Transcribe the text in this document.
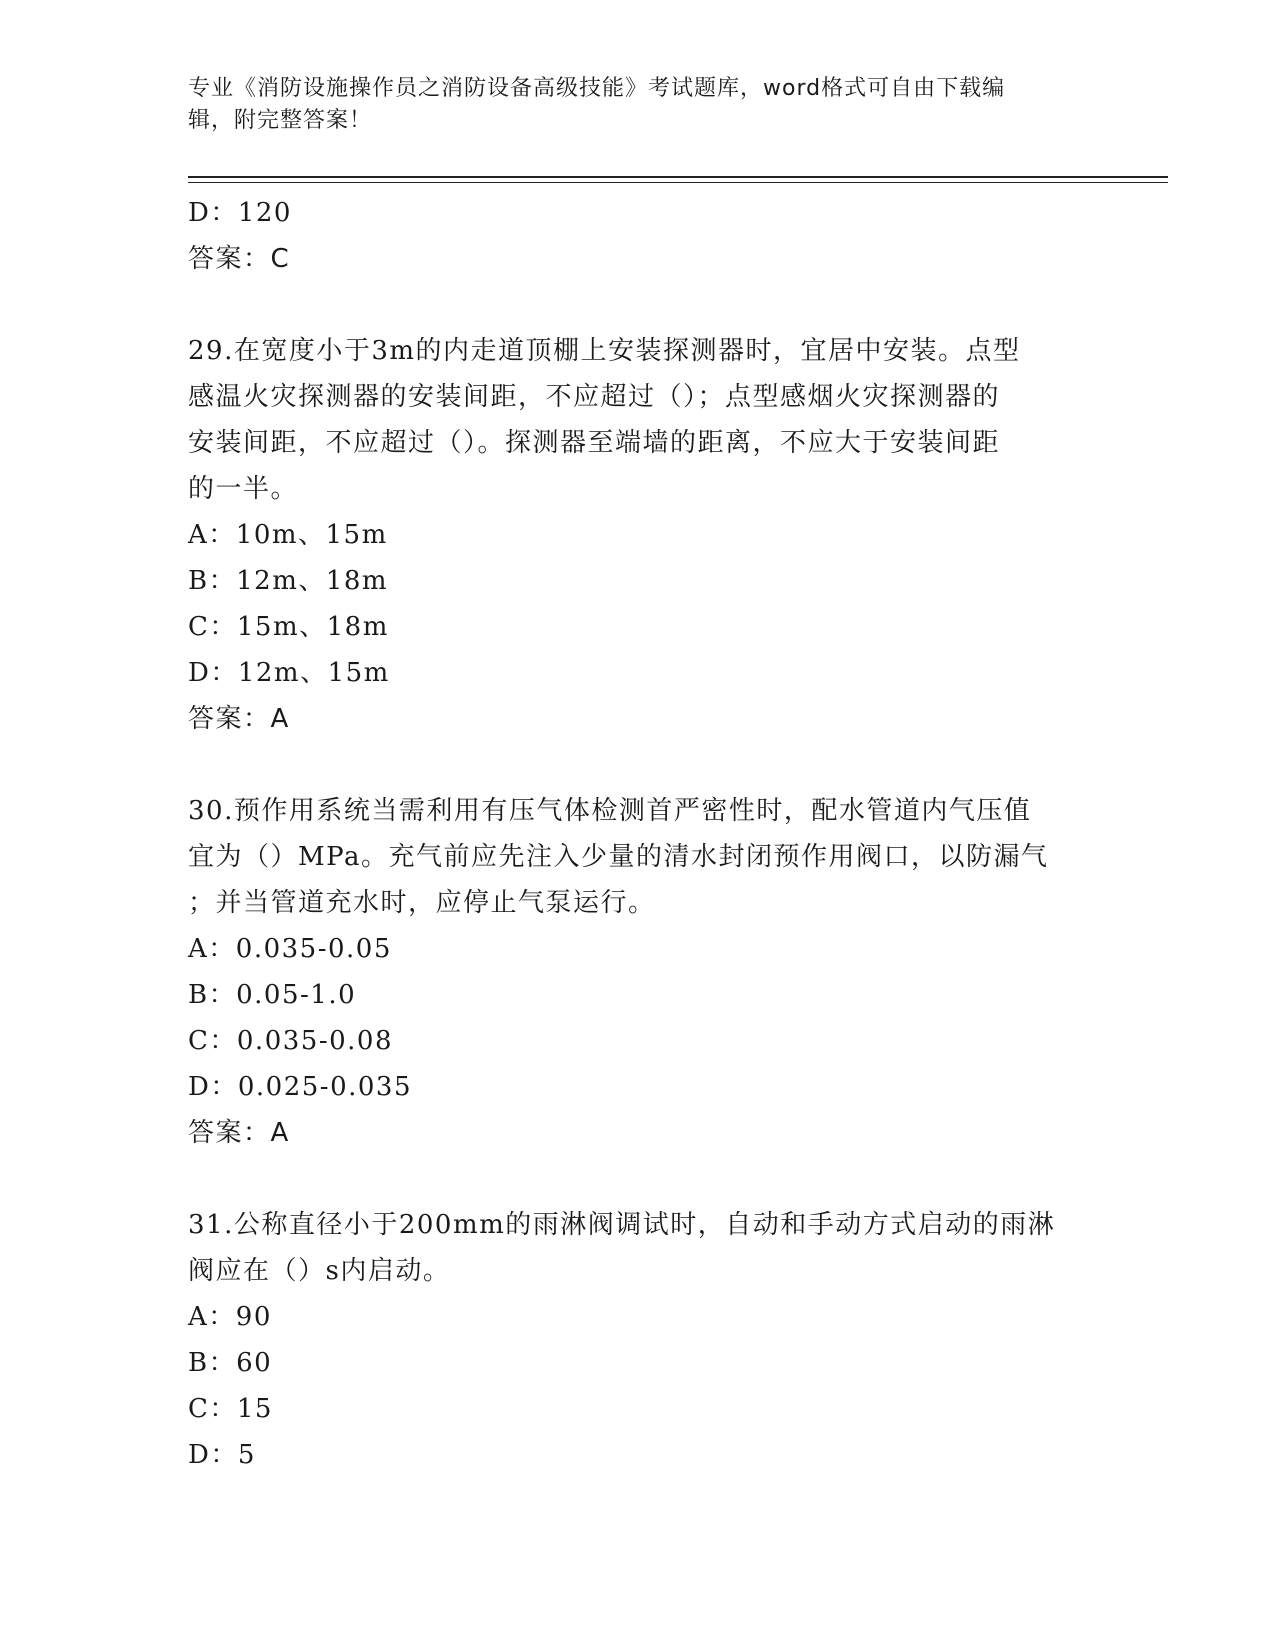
专业《消防设施操作员之消防设备高级技能》考试题库，word格式可自由下载编
辑，附完整答案！
D：120
答案：C
29.在宽度小于3m的内走道顶棚上安装探测器时，宜居中安装。点型
感温火灾探测器的安装间距，不应超过（）；点型感烟火灾探测器的
安装间距，不应超过（）。探测器至端墙的距离，不应大于安装间距
的一半。
A：10m、15m
B：12m、18m
C：15m、18m
D：12m、15m
答案：A
30.预作用系统当需利用有压气体检测首严密性时，配水管道内气压值
宜为（）MPa。充气前应先注入少量的清水封闭预作用阀口，以防漏气
；并当管道充水时，应停止气泵运行。
A：0.035-0.05
B：0.05-1.0
C：0.035-0.08
D：0.025-0.035
答案：A
31.公称直径小于200mm的雨淋阀调试时，自动和手动方式启动的雨淋
阀应在（）s内启动。
A：90
B：60
C：15
D：5
